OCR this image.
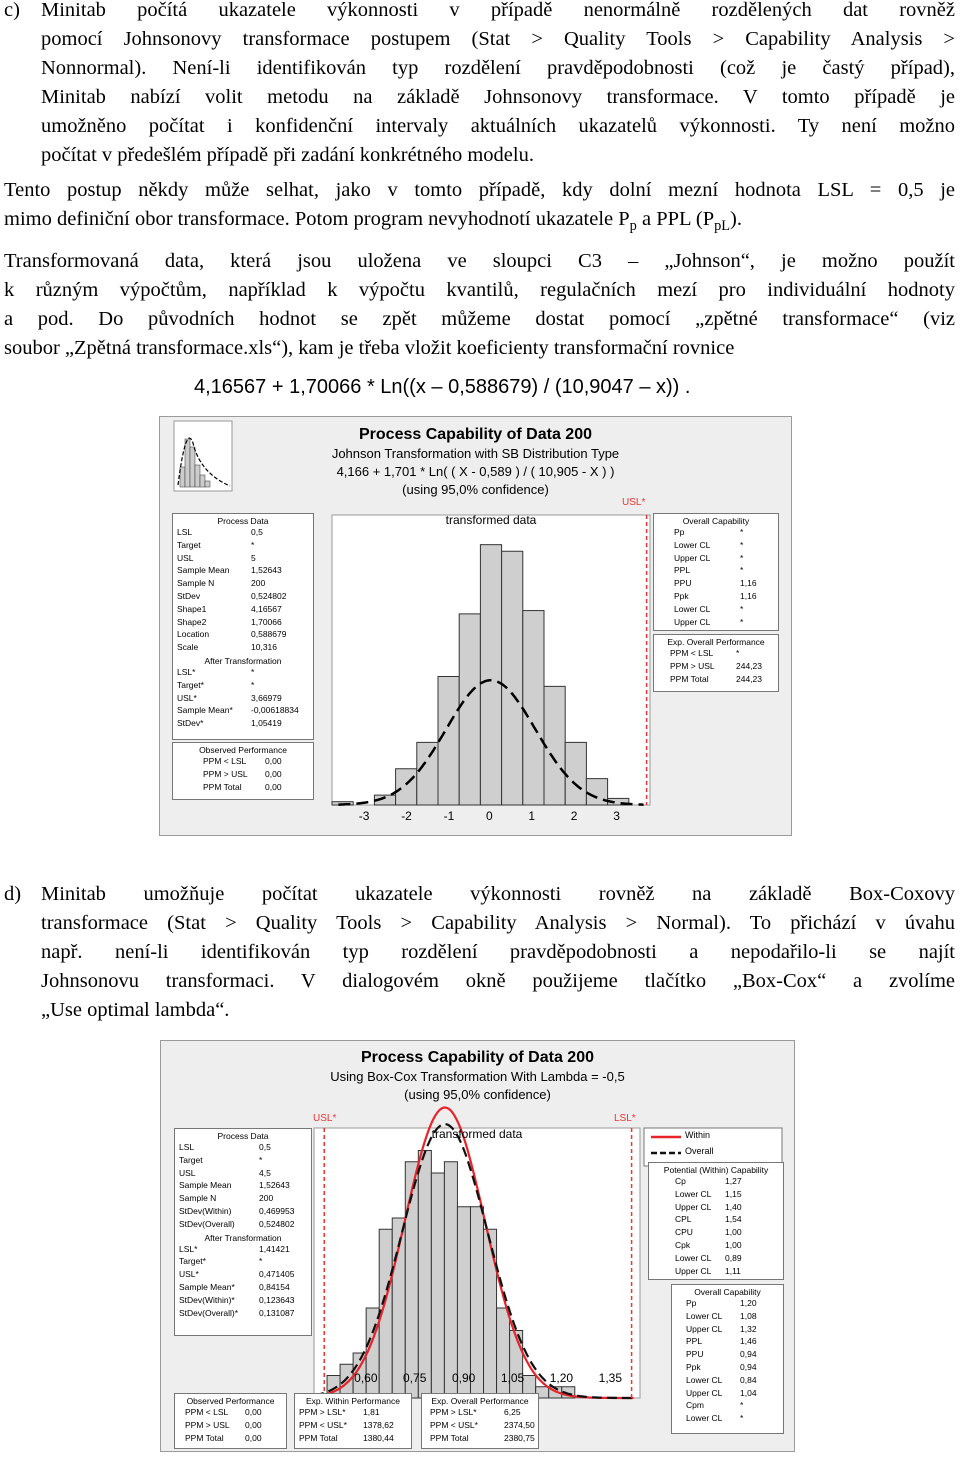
c) Minitab počítá ukazatele výkonnosti v případě nenormálně rozdělených dat rovněž
pomocí Johnsonovy transformace postupem (Stat > Quality Tools > Capability Analysis >
Nonnormal). Není-li identifikován typ rozdělení pravděpodobnosti (což je častý případ),
Minitab nabízí volit metodu na základě Johnsonovy transformace. V tomto případě je
umožněno počítat i konfidenční intervaly aktuálních ukazatelů výkonnosti. Ty není možno
počítat v předešlém případě při zadání konkrétného modelu.
Tento postup někdy může selhat, jako v tomto případě, kdy dolní mezní hodnota LSL = 0,5 je
mimo definiční obor transformace. Potom program nevyhodnotí ukazatele $P_p$ a PPL $(P_{pL})$.
Transformovaná data, která jsou uložena ve sloupci C3 – „Johnson“, je možno použít
k různým výpočtům, například k výpočtu kvantilů, regulačních mezí pro individuální hodnoty
a pod. Do původních hodnot se zpět můžeme dostat pomocí „zpětné transformace“ (viz
soubor „Zpětná transformace.xls“), kam je třeba vložit koeficienty transformační rovnice
4,16567 + 1,70066 * Ln((x – 0,588679) / (10,9047 – x)) .
Process Capability of Data 200
Johnson Transformation with SB Distribution Type
4,166 + 1,701 * Ln( ( X - 0,589 ) / ( 10,905 - X ) )
(using 95,0% confidence)
USL*
transformed data
-3	-2	-1	0	1	2	3
Process Data
LSL	0,5
Target	*
USL	5
Sample Mean	1,52643
Sample N	200
StDev	0,524802
Shape1	4,16567
Shape2	1,70066
Location	0,588679
Scale	10,316
After Transformation
LSL*	*
Target*	*
USL*	3,66979
Sample Mean* -0,00618834
StDev*	1,05419
Observed Performance
PPM < LSL 0,00
PPM > USL 0,00
PPM Total	0,00
Overall Capability
Pp	*
Lower CL	*
Upper CL	*
PPL	*
PPU	1,16
Ppk	1,16
Lower CL	*
Upper CL	*
Exp. Overall Performance
PPM < LSL	*
PPM > USL	244,23
PPM Total	244,23
d) Minitab umožňuje počítat ukazatele výkonnosti rovněž na základě Box-Coxovy
transformace (Stat > Quality Tools > Capability Analysis > Normal). To přichází v úvahu
např. není-li identifikován typ rozdělení pravděpodobnosti a nepodařilo-li se najít
Johnsonovu transformaci. V dialogovém okně použijeme tlačítko „Box-Cox“ a zvolíme
„Use optimal lambda“.
Process Capability of Data 200
Using Box-Cox Transformation With Lambda = -0,5
(using 95,0% confidence)
USL*	LSL*
transformed data	Within
Overall
0,60 0,75 0,90 1,05 1,20 1,35
Process Data
LSL	0,5
Target	*
USL	4,5
Sample Mean	1,52643
Sample N	200
StDev(Within)	0,469953
StDev(Overall)	0,524802
After Transformation
LSL*	1,41421
Target*	*
USL*	0,471405
Sample Mean*	0,84154
StDev(Within)*	0,123643
StDev(Overall)* 0,131087
Potential (Within) Capability
Cp	1,27
Lower CL 1,15
Upper CL 1,40
CPL	1,54
CPU	1,00
Cpk	1,00
Lower CL 0,89
Upper CL 1,11
Overall Capability
Pp	1,20
Lower CL 1,08
Upper CL 1,32
PPL	1,46
PPU	0,94
Ppk	0,94
Lower CL 0,84
Upper CL 1,04
Cpm	*
Lower CL *
Observed Performance
PPM < LSL 0,00
PPM > USL 0,00
PPM Total	0,00
Exp. Within Performance
PPM > LSL* 1,81
PPM < USL* 1378,62
PPM Total	1380,44
Exp. Overall Performance
PPM > LSL*	6,25
PPM < USL*	2374,50
PPM Total	2380,75
